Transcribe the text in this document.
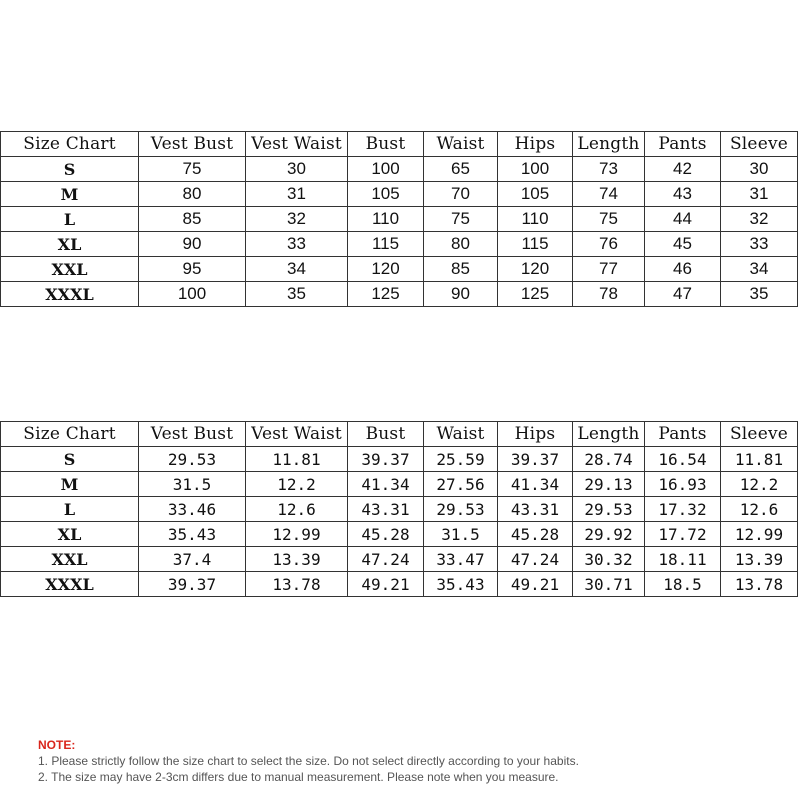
Size Chart	Vest Bust	Vest Waist	Bust	Waist	Hips	Length	Pants	Sleeve
S	75	30	100	65	100	73	42	30
M	80	31	105	70	105	74	43	31
L	85	32	110	75	110	75	44	32
XL	90	33	115	80	115	76	45	33
XXL	95	34	120	85	120	77	46	34
XXXL	100	35	125	90	125	78	47	35
Size Chart	Vest Bust	Vest Waist	Bust	Waist	Hips	Length	Pants	Sleeve
S	29.53	11.81	39.37	25.59	39.37	28.74	16.54	11.81
M	31.5	12.2	41.34	27.56	41.34	29.13	16.93	12.2
L	33.46	12.6	43.31	29.53	43.31	29.53	17.32	12.6
XL	35.43	12.99	45.28	31.5	45.28	29.92	17.72	12.99
XXL	37.4	13.39	47.24	33.47	47.24	30.32	18.11	13.39
XXXL	39.37	13.78	49.21	35.43	49.21	30.71	18.5	13.78
NOTE:
1. Please strictly follow the size chart to select the size. Do not select directly according to your habits.
2. The size may have 2-3cm differs due to manual measurement. Please note when you measure.
